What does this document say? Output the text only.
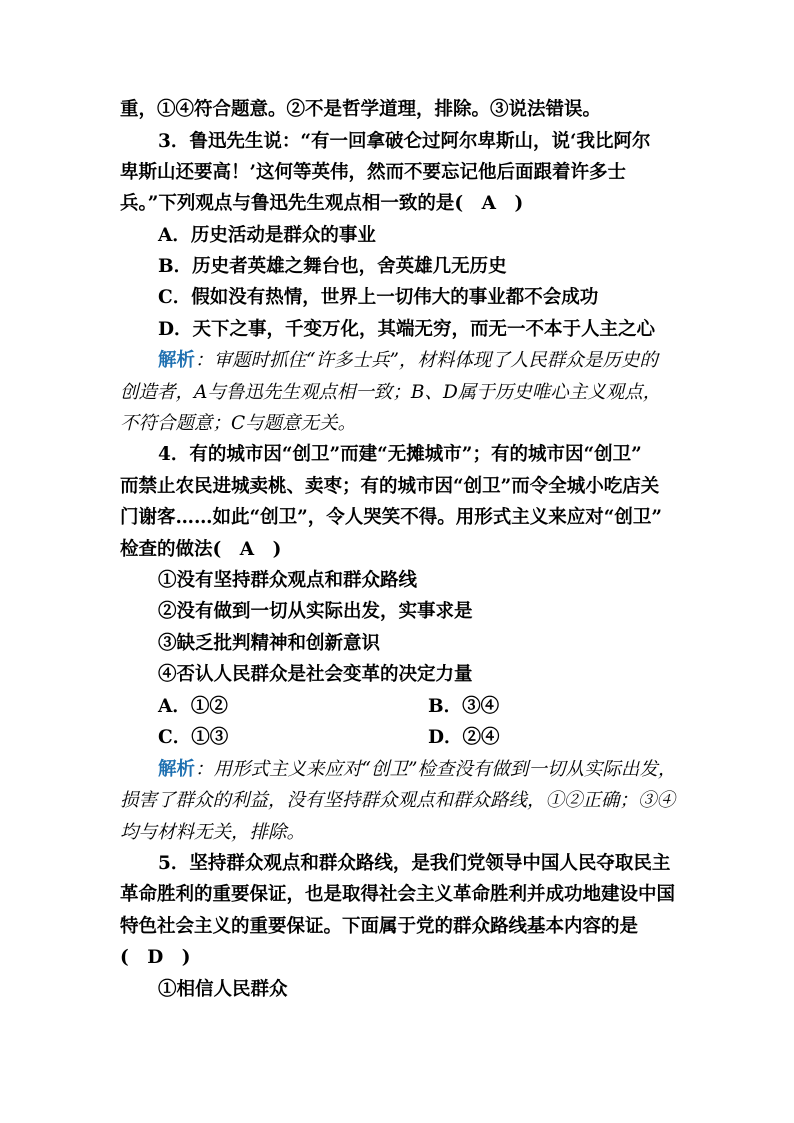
重，①④符合题意。②不是哲学道理，排除。③说法错误。
3．鲁迅先生说：“有一回拿破仑过阿尔卑斯山，说‘我比阿尔
卑斯山还要高！’这何等英伟，然而不要忘记他后面跟着许多士
兵。”下列观点与鲁迅先生观点相一致的是(　A　)
A．历史活动是群众的事业
B．历史者英雄之舞台也，舍英雄几无历史
C．假如没有热情，世界上一切伟大的事业都不会成功
D．天下之事，千变万化，其端无穷，而无一不本于人主之心
解析：审题时抓住“许多士兵”，材料体现了人民群众是历史的
创造者，A与鲁迅先生观点相一致；B、D属于历史唯心主义观点，
不符合题意；C与题意无关。
4．有的城市因“创卫”而建“无摊城市”；有的城市因“创卫”
而禁止农民进城卖桃、卖枣；有的城市因“创卫”而令全城小吃店关
门谢客……如此“创卫”，令人哭笑不得。用形式主义来应对“创卫”
检查的做法(　A　)
①没有坚持群众观点和群众路线
②没有做到一切从实际出发，实事求是
③缺乏批判精神和创新意识
④否认人民群众是社会变革的决定力量
A．①②	B．③④
C．①③	D．②④
解析：用形式主义来应对“创卫”检查没有做到一切从实际出发，
损害了群众的利益，没有坚持群众观点和群众路线，①②正确；③④
均与材料无关，排除。
5．坚持群众观点和群众路线，是我们党领导中国人民夺取民主
革命胜利的重要保证，也是取得社会主义革命胜利并成功地建设中国
特色社会主义的重要保证。下面属于党的群众路线基本内容的是
(　D　)
①相信人民群众
